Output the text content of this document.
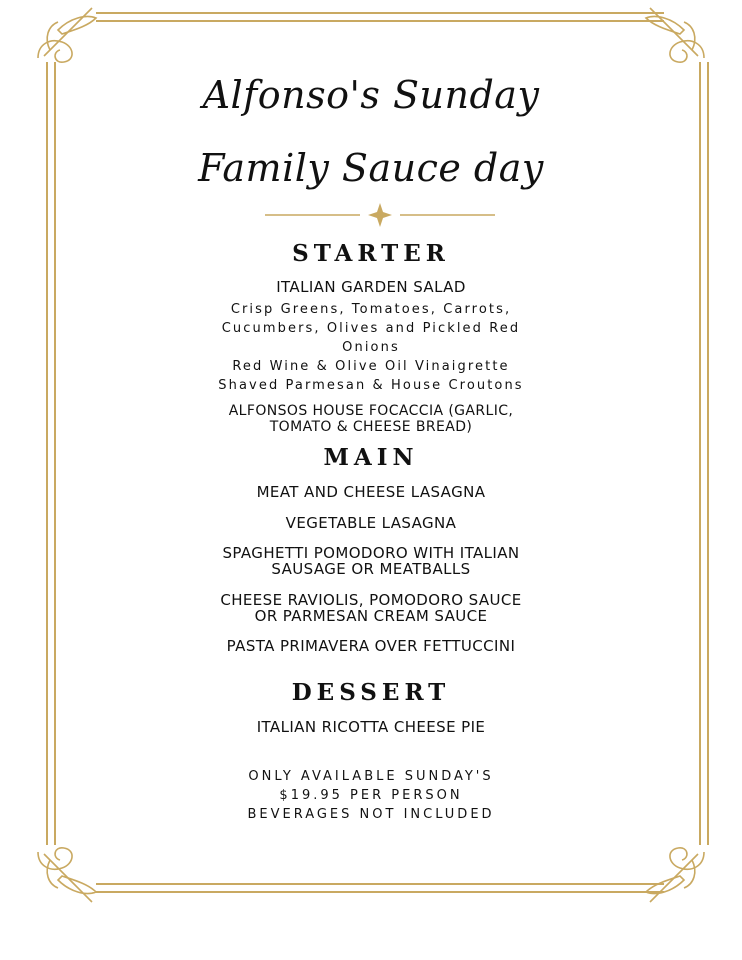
Alfonso's Sunday
Family Sauce day
STARTER
ITALIAN GARDEN SALAD
Crisp Greens, Tomatoes, Carrots,
Cucumbers, Olives and Pickled Red
Onions
Red Wine & Olive Oil Vinaigrette
Shaved Parmesan & House Croutons
ALFONSOS HOUSE FOCACCIA (GARLIC,
TOMATO & CHEESE BREAD)
MAIN
MEAT AND CHEESE LASAGNA
VEGETABLE LASAGNA
SPAGHETTI POMODORO WITH ITALIAN
SAUSAGE OR MEATBALLS
CHEESE RAVIOLIS, POMODORO SAUCE
OR PARMESAN CREAM SAUCE
PASTA PRIMAVERA OVER FETTUCCINI
DESSERT
ITALIAN RICOTTA CHEESE PIE
ONLY AVAILABLE SUNDAY'S
$19.95 PER PERSON
BEVERAGES NOT INCLUDED
